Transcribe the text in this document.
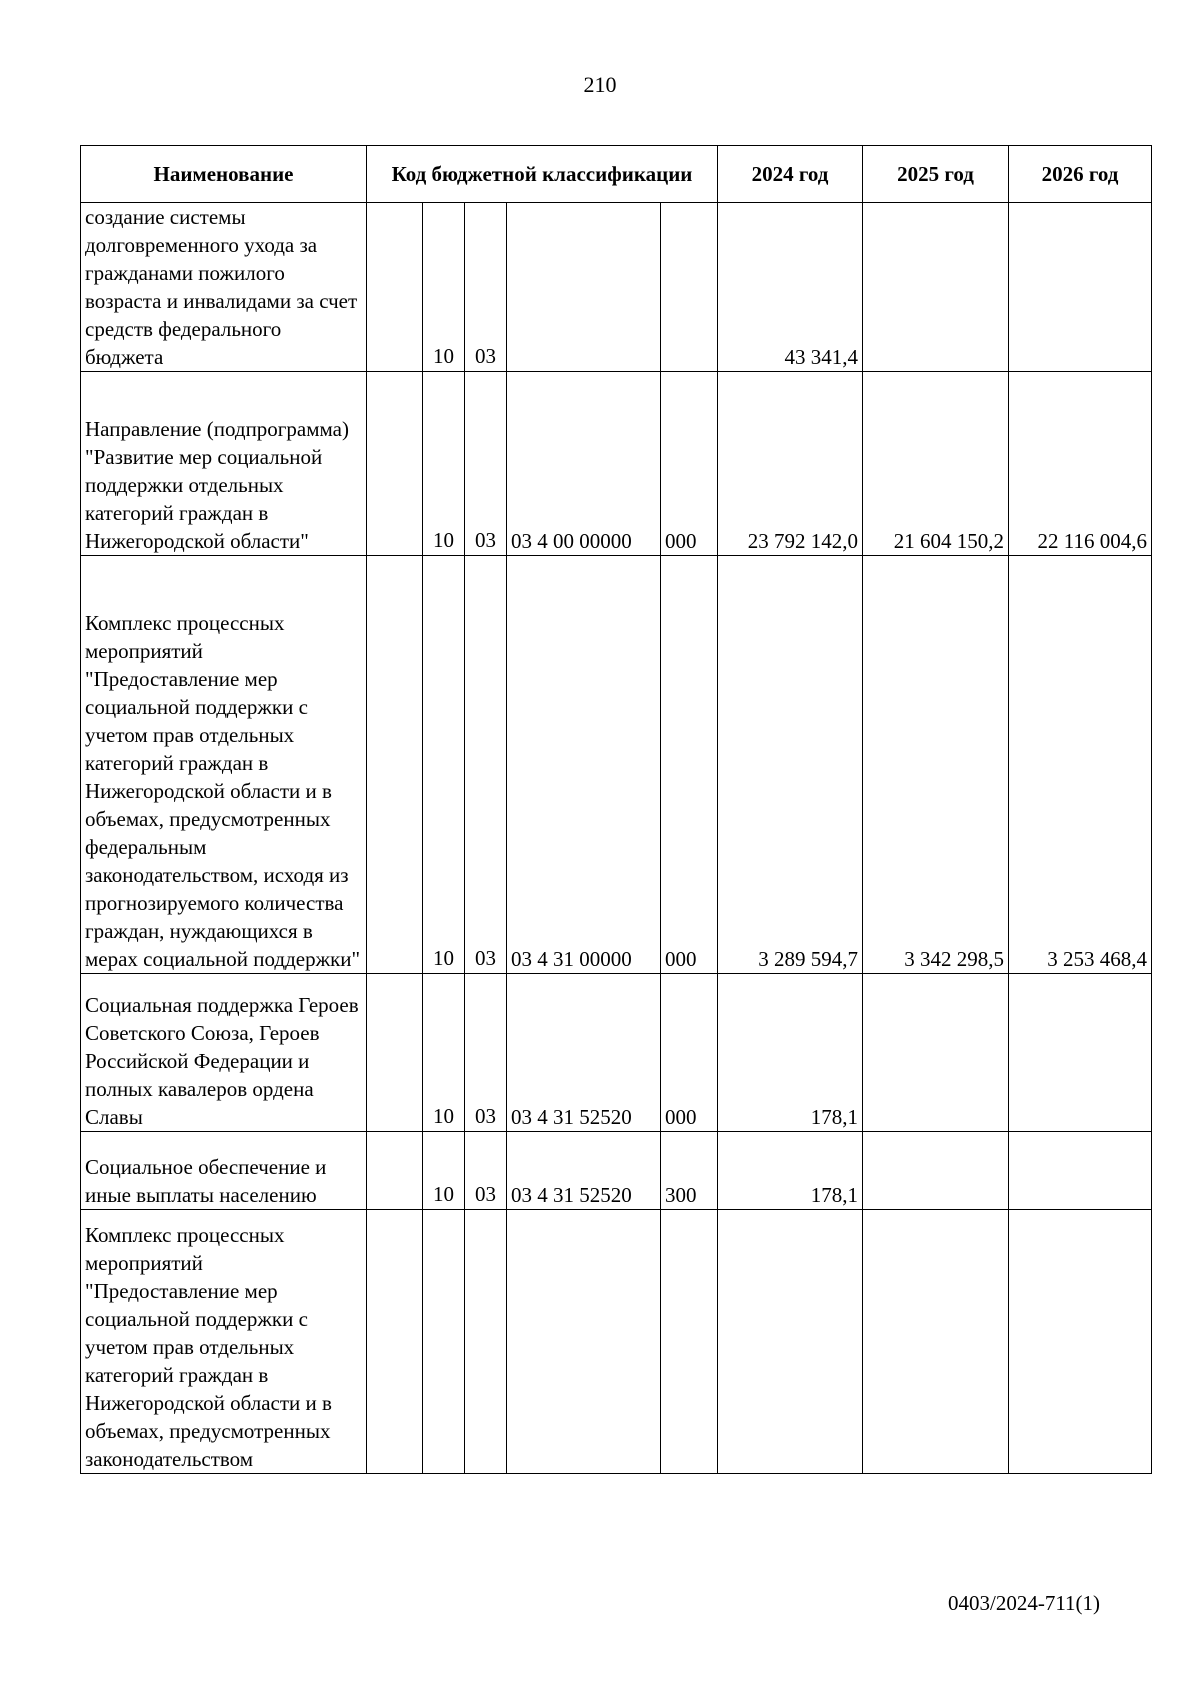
210
Наименование	Код бюджетной классификации					2024 год	2025 год	2026 год
создание системы долговременного ухода за гражданами пожилого возраста и инвалидами за счет средств федерального бюджета		10	03			43 341,4		
Направление (подпрограмма) "Развитие мер социальной поддержки отдельных категорий граждан в Нижегородской области"		10	03	03 4 00 00000	000	23 792 142,0	21 604 150,2	22 116 004,6
Комплекс процессных мероприятий "Предоставление мер социальной поддержки с учетом прав отдельных категорий граждан в Нижегородской области и в объемах, предусмотренных федеральным законодательством, исходя из прогнозируемого количества граждан, нуждающихся в мерах социальной поддержки"		10	03	03 4 31 00000	000	3 289 594,7	3 342 298,5	3 253 468,4
Социальная поддержка Героев Советского Союза, Героев Российской Федерации и полных кавалеров ордена Славы		10	03	03 4 31 52520	000	178,1		
Социальное обеспечение и иные выплаты населению		10	03	03 4 31 52520	300	178,1		
Комплекс процессных мероприятий "Предоставление мер социальной поддержки с учетом прав отдельных категорий граждан в Нижегородской области и в объемах, предусмотренных законодательством								
0403/2024-711(1)
